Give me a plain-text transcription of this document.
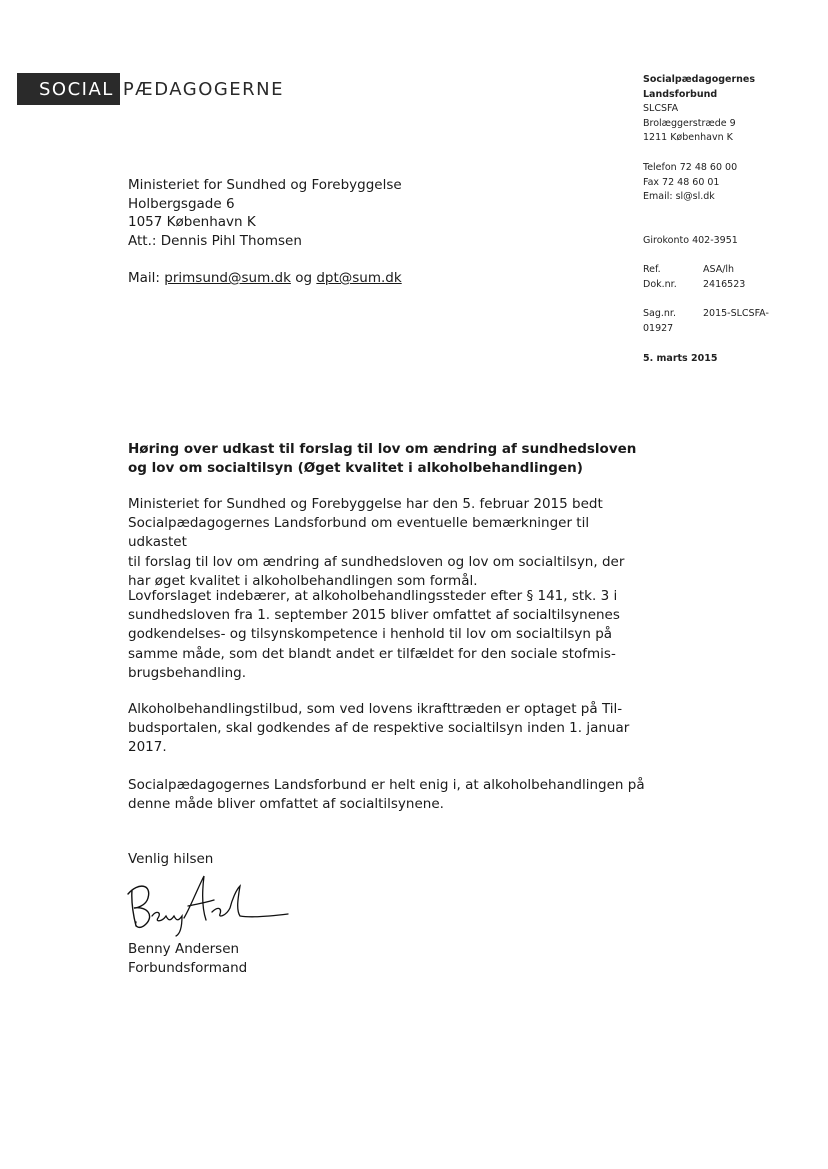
SOCIAL PÆDAGOGERNE	Socialpædagogernes
Landsforbund
SLCSFA
Brolæggerstræde 9
1211 København K
Telefon 72 48 60 00
Fax 72 48 60 01
Email: sl@sl.dk
Girokonto 402-3951
Ref.	ASA/lh
Dok.nr.	2416523
Sag.nr.	2015-SLCSFA-
01927
5. marts 2015
Ministeriet for Sundhed og Forebyggelse
Holbergsgade 6
1057 København K
Att.: Dennis Pihl Thomsen
Mail: primsund@sum.dk og dpt@sum.dk
Høring over udkast til forslag til lov om ændring af sundhedsloven
og lov om socialtilsyn (Øget kvalitet i alkoholbehandlingen)

Ministeriet for Sundhed og Forebyggelse har den 5. februar 2015 bedt

Socialpædagogernes Landsforbund om eventuelle bemærkninger til udkastet

til forslag til lov om ændring af sundhedsloven og lov om socialtilsyn, der

har øget kvalitet i alkoholbehandlingen som formål.

Lovforslaget indebærer, at alkoholbehandlingssteder efter § 141, stk. 3 i

sundhedsloven fra 1. september 2015 bliver omfattet af socialtilsynenes

godkendelses- og tilsynskompetence i henhold til lov om socialtilsyn på

samme måde, som det blandt andet er tilfældet for den sociale stofmis-

brugsbehandling.

Alkoholbehandlingstilbud, som ved lovens ikrafttræden er optaget på Til-

budsportalen, skal godkendes af de respektive socialtilsyn inden 1. januar

2017.

Socialpædagogernes Landsforbund er helt enig i, at alkoholbehandlingen på

denne måde bliver omfattet af socialtilsynene.

Venlig hilsen
Benny Andersen
Forbundsformand
